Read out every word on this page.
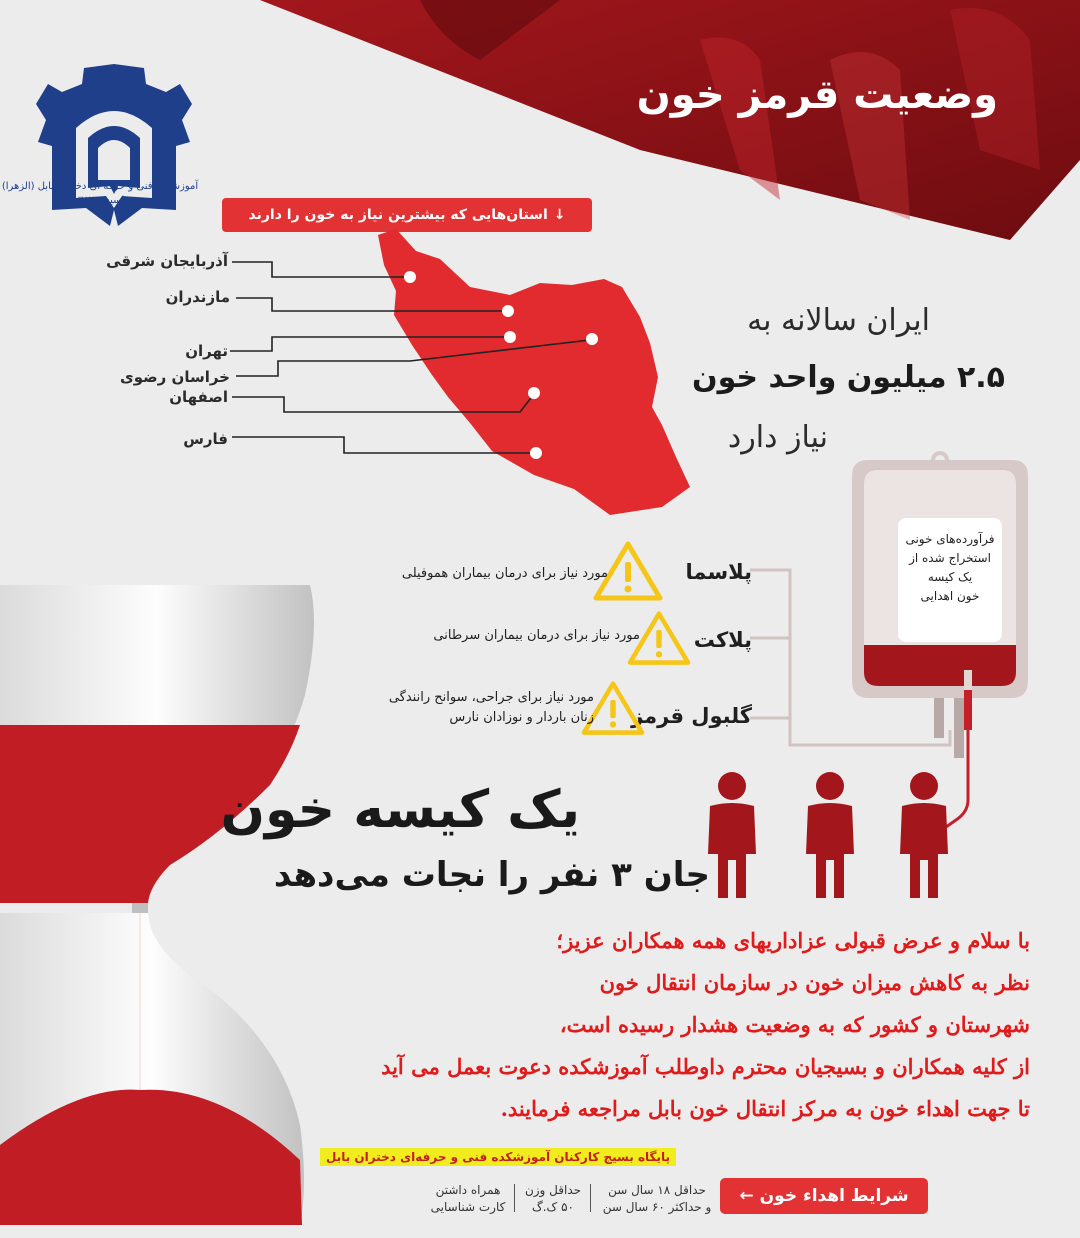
وضعیت قرمز خون
آموزشکده فنی و حرفه ای دختران بابل (الزهرا)
تاسیس ۱۳۸۲
↓
استان‌هایی که بیشترین نیاز به خون را دارند
آذربایجان شرقی
مازندران
تهران
خراسان رضوی
اصفهان
فارس
ایران سالانه به
۲.۵ میلیون واحد خون
نیاز دارد
فرآورده‌های خونی
استخراج شده از
یک کیسه
خون اهدایی
پلاسما
پلاکت
گلبول قرمز
مورد نیاز برای درمان بیماران هموفیلی
مورد نیاز برای درمان بیماران سرطانی
مورد نیاز برای جراحی، سوانح رانندگی
زنان باردار و نوزادان نارس
یک کیسه خون
جان ۳ نفر را نجات می‌دهد
با سلام و عرض قبولی عزاداریهای همه همکاران عزیز؛
نظر به کاهش میزان خون در سازمان انتقال خون
شهرستان و کشور که به وضعیت هشدار رسیده است،
از کلیه همکاران و بسیجیان محترم داوطلب آموزشکده دعوت بعمل می آید
تا جهت اهداء خون به مرکز انتقال خون بابل مراجعه فرمایند.
پایگاه بسیج کارکنان آموزشکده فنی و حرفه‌ای دختران بابل
شرایط اهداء خون
←
حداقل ۱۸ سال سن
و حداکثر ۶۰ سال سن
حداقل وزن
۵۰ ک.گ
همراه داشتن
کارت شناسایی
